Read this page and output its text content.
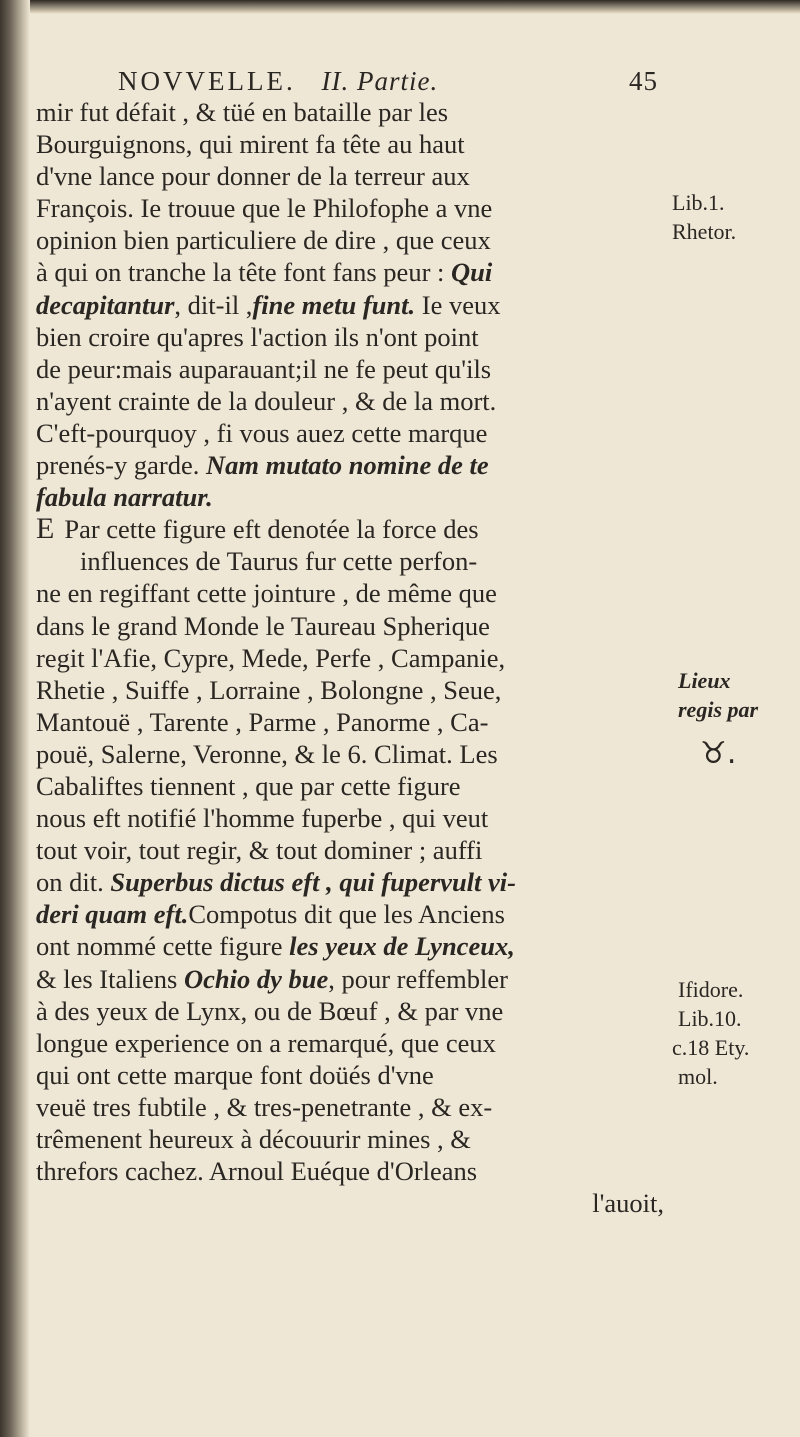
NOVVELLE. II. Partie.	45
mir fut défait , & tüé en bataille par les
Bourguignons, qui mirent fa tête au haut
d'vne lance pour donner de la terreur aux
François. Ie trouue que le Philofophe a vne
opinion bien particuliere de dire , que ceux
à qui on tranche la tête font fans peur : Qui
decapitantur, dit-il ,fine metu funt. Ie veux
bien croire qu'apres l'action ils n'ont point
de peur:mais auparauant;il ne fe peut qu'ils
n'ayent crainte de la douleur , & de la mort.
C'eft-pourquoy , fi vous auez cette marque
prenés-y garde. Nam mutato nomine de te
fabula narratur.
E Par cette figure eft denotée la force des
influences de Taurus fur cette perfon-
ne en regiffant cette jointure , de même que
dans le grand Monde le Taureau Spherique
regit l'Afie, Cypre, Mede, Perfe , Campanie,
Rhetie , Suiffe , Lorraine , Bolongne , Seue,
Mantouë , Tarente , Parme , Panorme , Ca-
pouë, Salerne, Veronne, & le 6. Climat. Les
Cabaliftes tiennent , que par cette figure
nous eft notifié l'homme fuperbe , qui veut
tout voir, tout regir, & tout dominer ; auffi
on dit. Superbus dictus eft , qui fupervult vi-
deri quam eft.Compotus dit que les Anciens
ont nommé cette figure les yeux de Lynceux,
& les Italiens Ochio dy bue, pour reffembler
à des yeux de Lynx, ou de Bœuf , & par vne
longue experience on a remarqué, que ceux
qui ont cette marque font doüés d'vne
veuë tres fubtile , & tres-penetrante , & ex-
trêmenent heureux à découurir mines , &
threfors cachez. Arnoul Euéque d'Orleans
l'auoit,
Lib.1.
Rhetor.
Lieux
regis par
♉.
Ifidore.
Lib.10.
c.18 Ety.
mol.
